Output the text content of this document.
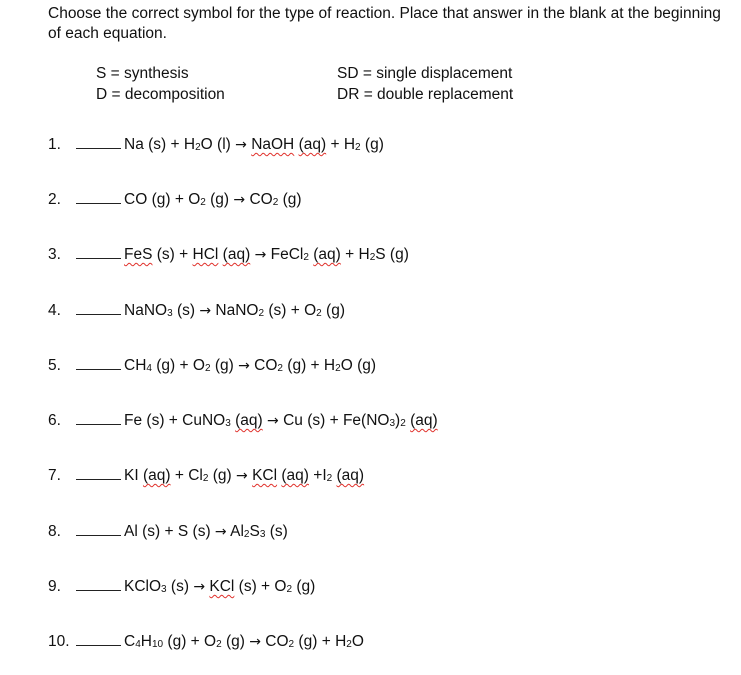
Choose the correct symbol for the type of reaction. Place that answer in the blank at the beginning of each equation.
S = synthesis
D = decomposition
SD = single displacement
DR = double replacement
1.	Na $(s) + H_2O$ (l) → NaOH $(aq) + H_2$ (g)
2.	CO $(g) + O_2$ $(g) \to CO_2$ (g)
3.	FeS (s) + HCl (aq) → FeCl$_2$ $(aq) + H_2S$ (g)
4.	NaNO$_3$ (s) → NaNO$_2$ $(s) + O_2$ (g)
5.	$CH_4$ $(g) + O_2$ $(g) \to CO_2$ $(g) + H_2O$ (g)
6.	Fe (s) + CuNO$_3$ (aq) → Cu $(s) + Fe(NO_3)_2$ (aq)
7.	KI $(aq) + Cl_2$ (g) → KCl $(aq) +I_2$ (aq)
8.	Al (s) + S $(s) \to Al_2S_3$ (s)
9.	KClO$_3$ (s) → KCl $(s) + O_2$ (g)
10.	$C_4H_{10}$ $(g) + O_2$ $(g) \to CO_2$ $(g) + H_2O$
